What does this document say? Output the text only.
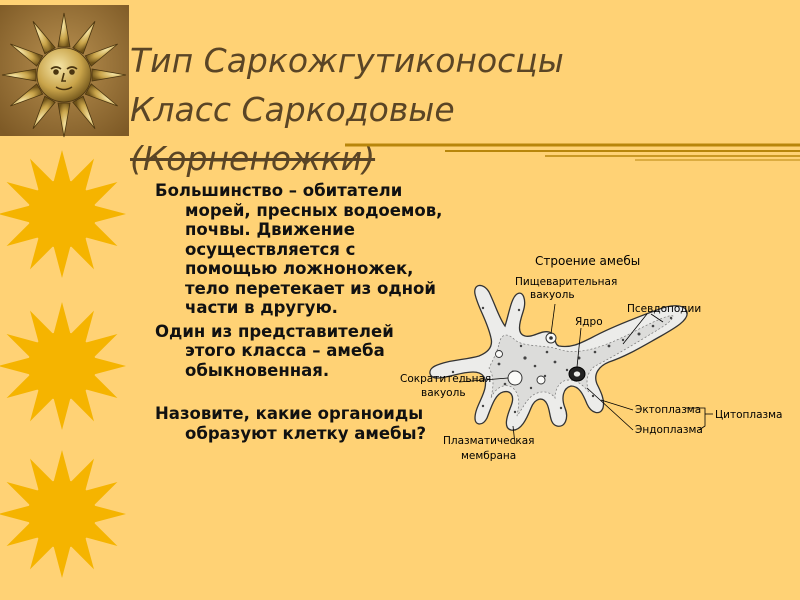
Тип Саркожгутиконосцы
Класс Саркодовые
(Корненожки)

Большинство – обитатели морей, пресных водоемов, почвы. Движение осуществляется с помощью ложноножек, тело перетекает из одной части в другую.

Один из представителей этого класса – амеба обыкновенная.

Назовите, какие органоиды образуют клетку амебы?

Строение амебы
Пищеварительная вакуоль
Ядро
Псевдоподии
Сократительная вакуоль
Эктоплазма
Эндоплазма
Цитоплазма
Плазматическая мембрана
